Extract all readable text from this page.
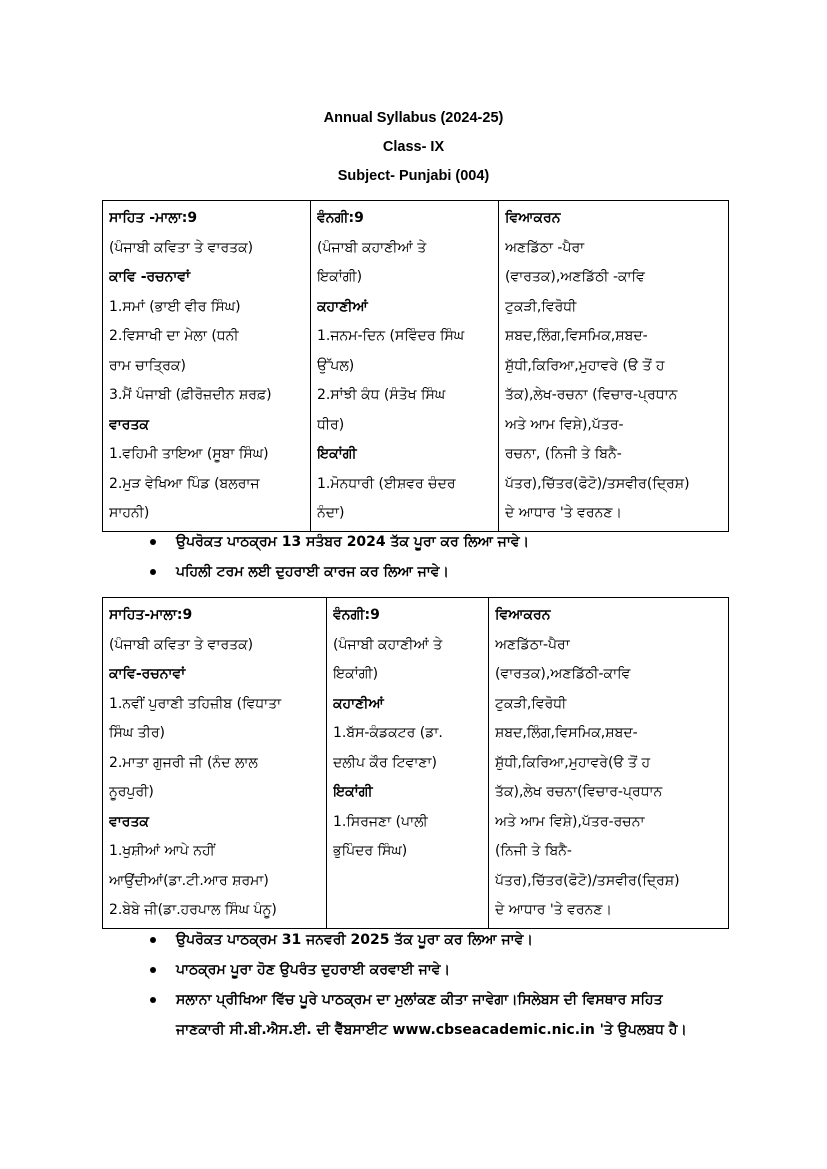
Annual Syllabus (2024-25)
Class- IX
Subject- Punjabi (004)
ਸਾਹਿਤ -ਮਾਲਾ:9
(ਪੰਜਾਬੀ ਕਵਿਤਾ ਤੇ ਵਾਰਤਕ)
ਕਾਵਿ -ਰਚਨਾਵਾਂ
1.ਸਮਾਂ (ਭਾਈ ਵੀਰ ਸਿੰਘ)
2.ਵਿਸਾਖੀ ਦਾ ਮੇਲਾ (ਧਨੀ
ਰਾਮ ਚਾਤ੍ਰਿਕ)
3.ਮੈਂ ਪੰਜਾਬੀ (ਫ਼ੀਰੋਜ਼ਦੀਨ ਸ਼ਰਫ਼)
ਵਾਰਤਕ
1.ਵਹਿਮੀ ਤਾਇਆ (ਸੂਬਾ ਸਿੰਘ)
2.ਮੁੜ ਵੇਖਿਆ ਪਿੰਡ (ਬਲਰਾਜ
ਸਾਹਨੀ)

ਵੰਨਗੀ:9
(ਪੰਜਾਬੀ ਕਹਾਣੀਆਂ ਤੇ
ਇਕਾਂਗੀ)
ਕਹਾਣੀਆਂ
1.ਜਨਮ-ਦਿਨ (ਸਵਿੰਦਰ ਸਿੰਘ
ਉੱਪਲ)
2.ਸਾਂਝੀ ਕੰਧ (ਸੰਤੋਖ ਸਿੰਘ
ਧੀਰ)
ਇਕਾਂਗੀ
1.ਮੋਨਧਾਰੀ (ਈਸ਼ਵਰ ਚੰਦਰ
ਨੰਦਾ)

ਵਿਆਕਰਨ
ਅਣਡਿੱਠਾ -ਪੈਰਾ
(ਵਾਰਤਕ),ਅਣਡਿੱਠੀ -ਕਾਵਿ
ਟੁਕੜੀ,ਵਿਰੋਧੀ
ਸ਼ਬਦ,ਲਿੰਗ,ਵਿਸਮਿਕ,ਸ਼ਬਦ-
ਸ਼ੁੱਧੀ,ਕਿਰਿਆ,ਮੁਹਾਵਰੇ (ੳ ਤੋਂ ਹ
ਤੱਕ),ਲੇਖ-ਰਚਨਾ (ਵਿਚਾਰ-ਪ੍ਰਧਾਨ
ਅਤੇ ਆਮ ਵਿਸ਼ੇ),ਪੱਤਰ-
ਰਚਨਾ, (ਨਿਜੀ ਤੇ ਬਿਨੈ-
ਪੱਤਰ),ਚਿੱਤਰ(ਫੋਟੋ)/ਤਸਵੀਰ(ਦ੍ਰਿਸ਼)
ਦੇ ਆਧਾਰ 'ਤੇ ਵਰਨਣ।
ਉਪਰੋਕਤ ਪਾਠਕ੍ਰਮ 13 ਸਤੰਬਰ 2024 ਤੱਕ ਪੂਰਾ ਕਰ ਲਿਆ ਜਾਵੇ।
ਪਹਿਲੀ ਟਰਮ ਲਈ ਦੁਹਰਾਈ ਕਾਰਜ ਕਰ ਲਿਆ ਜਾਵੇ।
ਸਾਹਿਤ-ਮਾਲਾ:9
(ਪੰਜਾਬੀ ਕਵਿਤਾ ਤੇ ਵਾਰਤਕ)
ਕਾਵਿ-ਰਚਨਾਵਾਂ
1.ਨਵੀਂ ਪੁਰਾਣੀ ਤਹਿਜ਼ੀਬ (ਵਿਧਾਤਾ
ਸਿੰਘ ਤੀਰ)
2.ਮਾਤਾ ਗੁਜਰੀ ਜੀ (ਨੰਦ ਲਾਲ
ਨੂਰਪੁਰੀ)
ਵਾਰਤਕ
1.ਖੁਸ਼ੀਆਂ ਆਪੇ ਨਹੀਂ
ਆਉਂਦੀਆਂ(ਡਾ.ਟੀ.ਆਰ ਸ਼ਰਮਾ)
2.ਬੇਬੇ ਜੀ(ਡਾ.ਹਰਪਾਲ ਸਿੰਘ ਪੰਨੂ)

ਵੰਨਗੀ:9
(ਪੰਜਾਬੀ ਕਹਾਣੀਆਂ ਤੇ
ਇਕਾਂਗੀ)
ਕਹਾਣੀਆਂ
1.ਬੱਸ-ਕੰਡਕਟਰ (ਡਾ.
ਦਲੀਪ ਕੌਰ ਟਿਵਾਣਾ)
ਇਕਾਂਗੀ
1.ਸਿਰਜਣਾ (ਪਾਲੀ
ਭੁਪਿੰਦਰ ਸਿੰਘ)

ਵਿਆਕਰਨ
ਅਣਡਿੱਠਾ-ਪੈਰਾ
(ਵਾਰਤਕ),ਅਣਡਿੱਠੀ-ਕਾਵਿ
ਟੁਕੜੀ,ਵਿਰੋਧੀ
ਸ਼ਬਦ,ਲਿੰਗ,ਵਿਸਮਿਕ,ਸ਼ਬਦ-
ਸ਼ੁੱਧੀ,ਕਿਰਿਆ,ਮੁਹਾਵਰੇ(ੳ ਤੋਂ ਹ
ਤੱਕ),ਲੇਖ ਰਚਨਾ(ਵਿਚਾਰ-ਪ੍ਰਧਾਨ
ਅਤੇ ਆਮ ਵਿਸ਼ੇ),ਪੱਤਰ-ਰਚਨਾ
(ਨਿਜੀ ਤੇ ਬਿਨੈ-
ਪੱਤਰ),ਚਿੱਤਰ(ਫੋਟੋ)/ਤਸਵੀਰ(ਦ੍ਰਿਸ਼)
ਦੇ ਆਧਾਰ 'ਤੇ ਵਰਨਣ।
ਉਪਰੋਕਤ ਪਾਠਕ੍ਰਮ 31 ਜਨਵਰੀ 2025 ਤੱਕ ਪੂਰਾ ਕਰ ਲਿਆ ਜਾਵੇ।
ਪਾਠਕ੍ਰਮ ਪੂਰਾ ਹੋਣ ਉਪਰੰਤ ਦੁਹਰਾਈ ਕਰਵਾਈ ਜਾਵੇ।
ਸਲਾਨਾ ਪ੍ਰੀਖਿਆ ਵਿੱਚ ਪੂਰੇ ਪਾਠਕ੍ਰਮ ਦਾ ਮੁਲਾਂਕਣ ਕੀਤਾ ਜਾਵੇਗਾ।ਸਿਲੇਬਸ ਦੀ ਵਿਸਥਾਰ ਸਹਿਤ
ਜਾਣਕਾਰੀ ਸੀ.ਬੀ.ਐਸ.ਈ. ਦੀ ਵੈੱਬਸਾਈਟ www.cbseacademic.nic.in 'ਤੇ ਉਪਲਬਧ ਹੈ।
